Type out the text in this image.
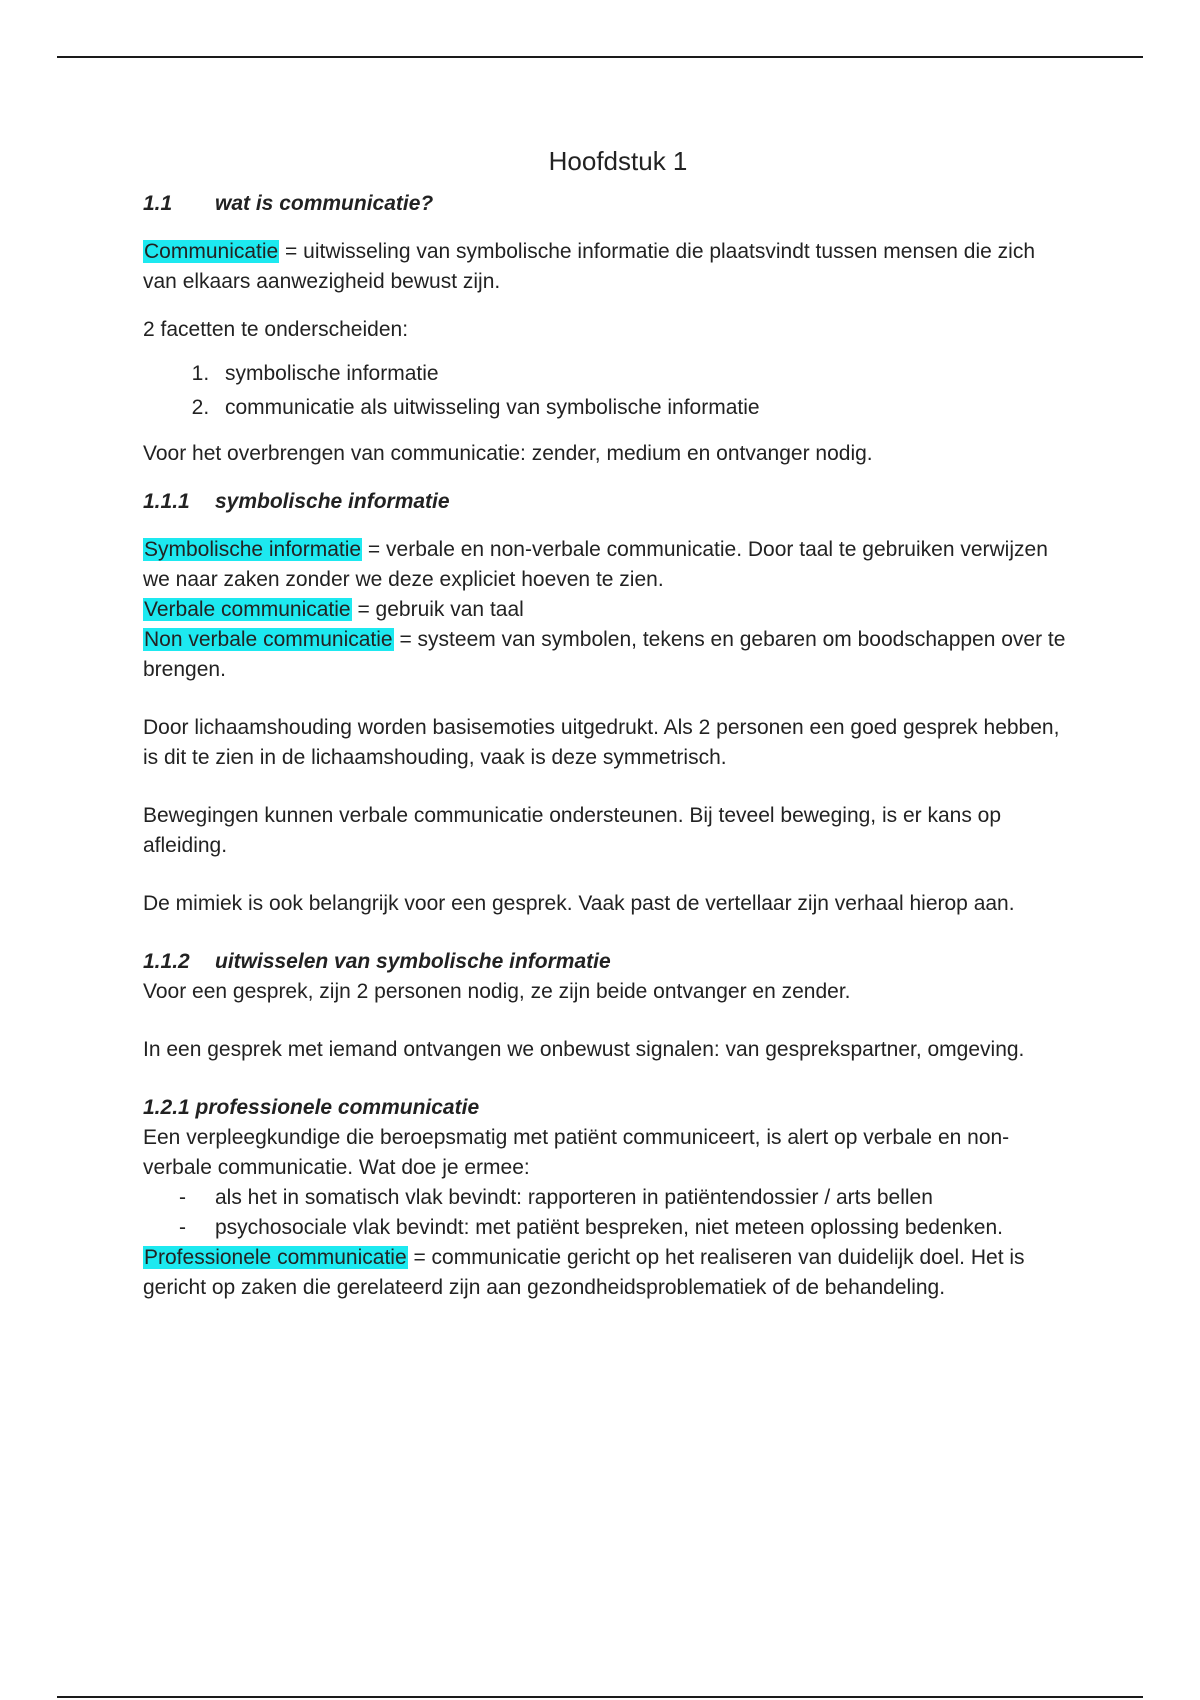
Hoofdstuk 1
1.1 wat is communicatie?

Communicatie = uitwisseling van symbolische informatie die plaatsvindt tussen mensen die zich van elkaars aanwezigheid bewust zijn.

2 facetten te onderscheiden:

1. symbolische informatie
2. communicatie als uitwisseling van symbolische informatie

Voor het overbrengen van communicatie: zender, medium en ontvanger nodig.

1.1.1 symbolische informatie

Symbolische informatie = verbale en non-verbale communicatie. Door taal te gebruiken verwijzen we naar zaken zonder we deze expliciet hoeven te zien.

Verbale communicatie = gebruik van taal

Non verbale communicatie = systeem van symbolen, tekens en gebaren om boodschappen over te brengen.

Door lichaamshouding worden basisemoties uitgedrukt. Als 2 personen een goed gesprek hebben, is dit te zien in de lichaamshouding, vaak is deze symmetrisch.

Bewegingen kunnen verbale communicatie ondersteunen. Bij teveel beweging, is er kans op afleiding.

De mimiek is ook belangrijk voor een gesprek. Vaak past de vertellaar zijn verhaal hierop aan.

1.1.2 uitwisselen van symbolische informatie

Voor een gesprek, zijn 2 personen nodig, ze zijn beide ontvanger en zender.

In een gesprek met iemand ontvangen we onbewust signalen: van gesprekspartner, omgeving.

1.2.1 professionele communicatie

Een verpleegkundige die beroepsmatig met patiënt communiceert, is alert op verbale en non-verbale communicatie. Wat doe je ermee:

- als het in somatisch vlak bevindt: rapporteren in patiëntendossier / arts bellen
- psychosociale vlak bevindt: met patiënt bespreken, niet meteen oplossing bedenken.

Professionele communicatie = communicatie gericht op het realiseren van duidelijk doel. Het is gericht op zaken die gerelateerd zijn aan gezondheidsproblematiek of de behandeling.
